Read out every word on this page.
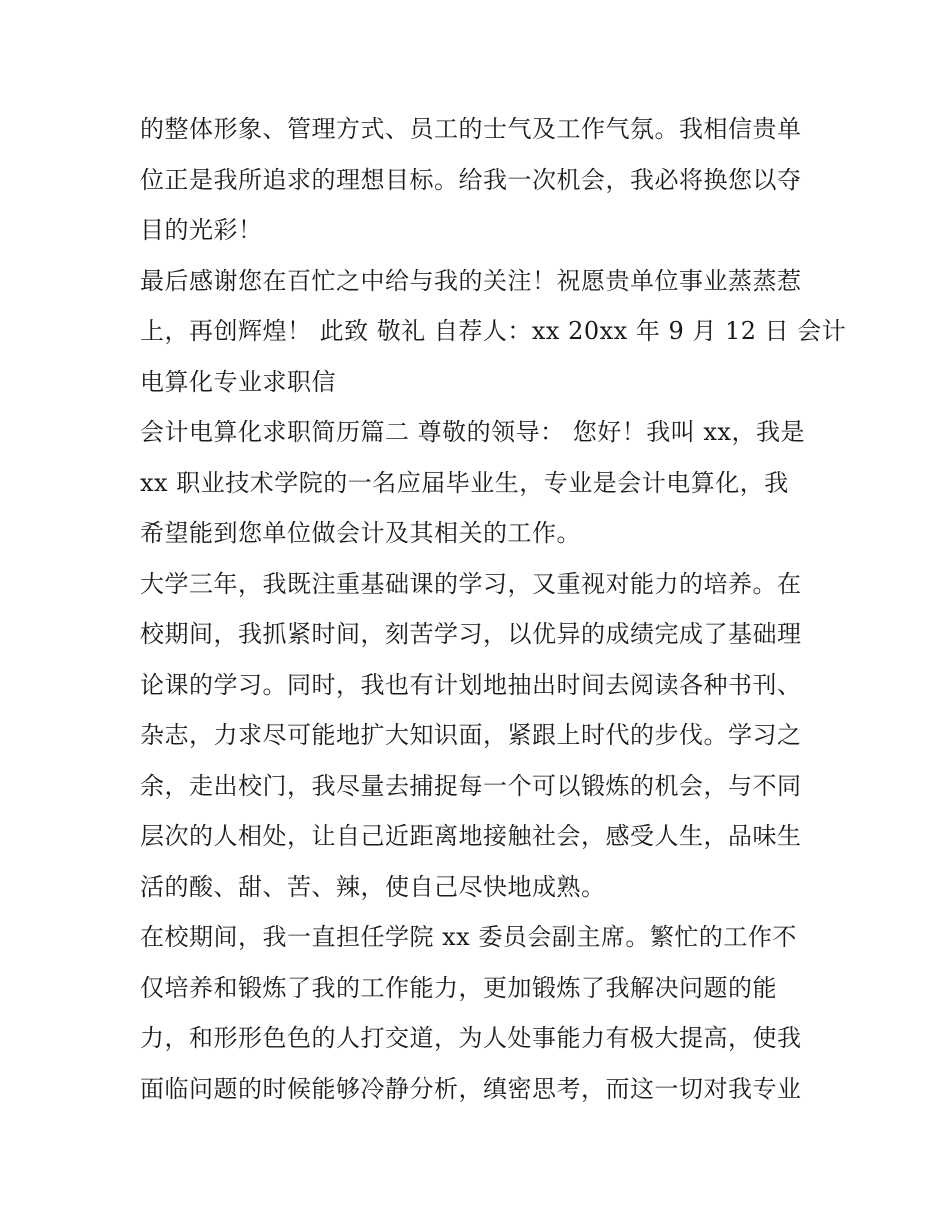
的整体形象、管理方式、员工的士气及工作气氛。我相信贵单
位正是我所追求的理想目标。给我一次机会，我必将换您以夺
目的光彩！
最后感谢您在百忙之中给与我的关注！祝愿贵单位事业蒸蒸惹
上，再创辉煌！ 此致 敬礼 自荐人：xx 20xx 年 9 月 12 日 会计
电算化专业求职信
会计电算化求职简历篇二 尊敬的领导： 您好！我叫 xx，我是
xx 职业技术学院的一名应届毕业生，专业是会计电算化，我
希望能到您单位做会计及其相关的工作。
大学三年，我既注重基础课的学习，又重视对能力的培养。在
校期间，我抓紧时间，刻苦学习，以优异的成绩完成了基础理
论课的学习。同时，我也有计划地抽出时间去阅读各种书刊、
杂志，力求尽可能地扩大知识面，紧跟上时代的步伐。学习之
余，走出校门，我尽量去捕捉每一个可以锻炼的机会，与不同
层次的人相处，让自己近距离地接触社会，感受人生，品味生
活的酸、甜、苦、辣，使自己尽快地成熟。
在校期间，我一直担任学院 xx 委员会副主席。繁忙的工作不
仅培养和锻炼了我的工作能力，更加锻炼了我解决问题的能
力，和形形色色的人打交道，为人处事能力有极大提高，使我
面临问题的时候能够冷静分析，缜密思考，而这一切对我专业
